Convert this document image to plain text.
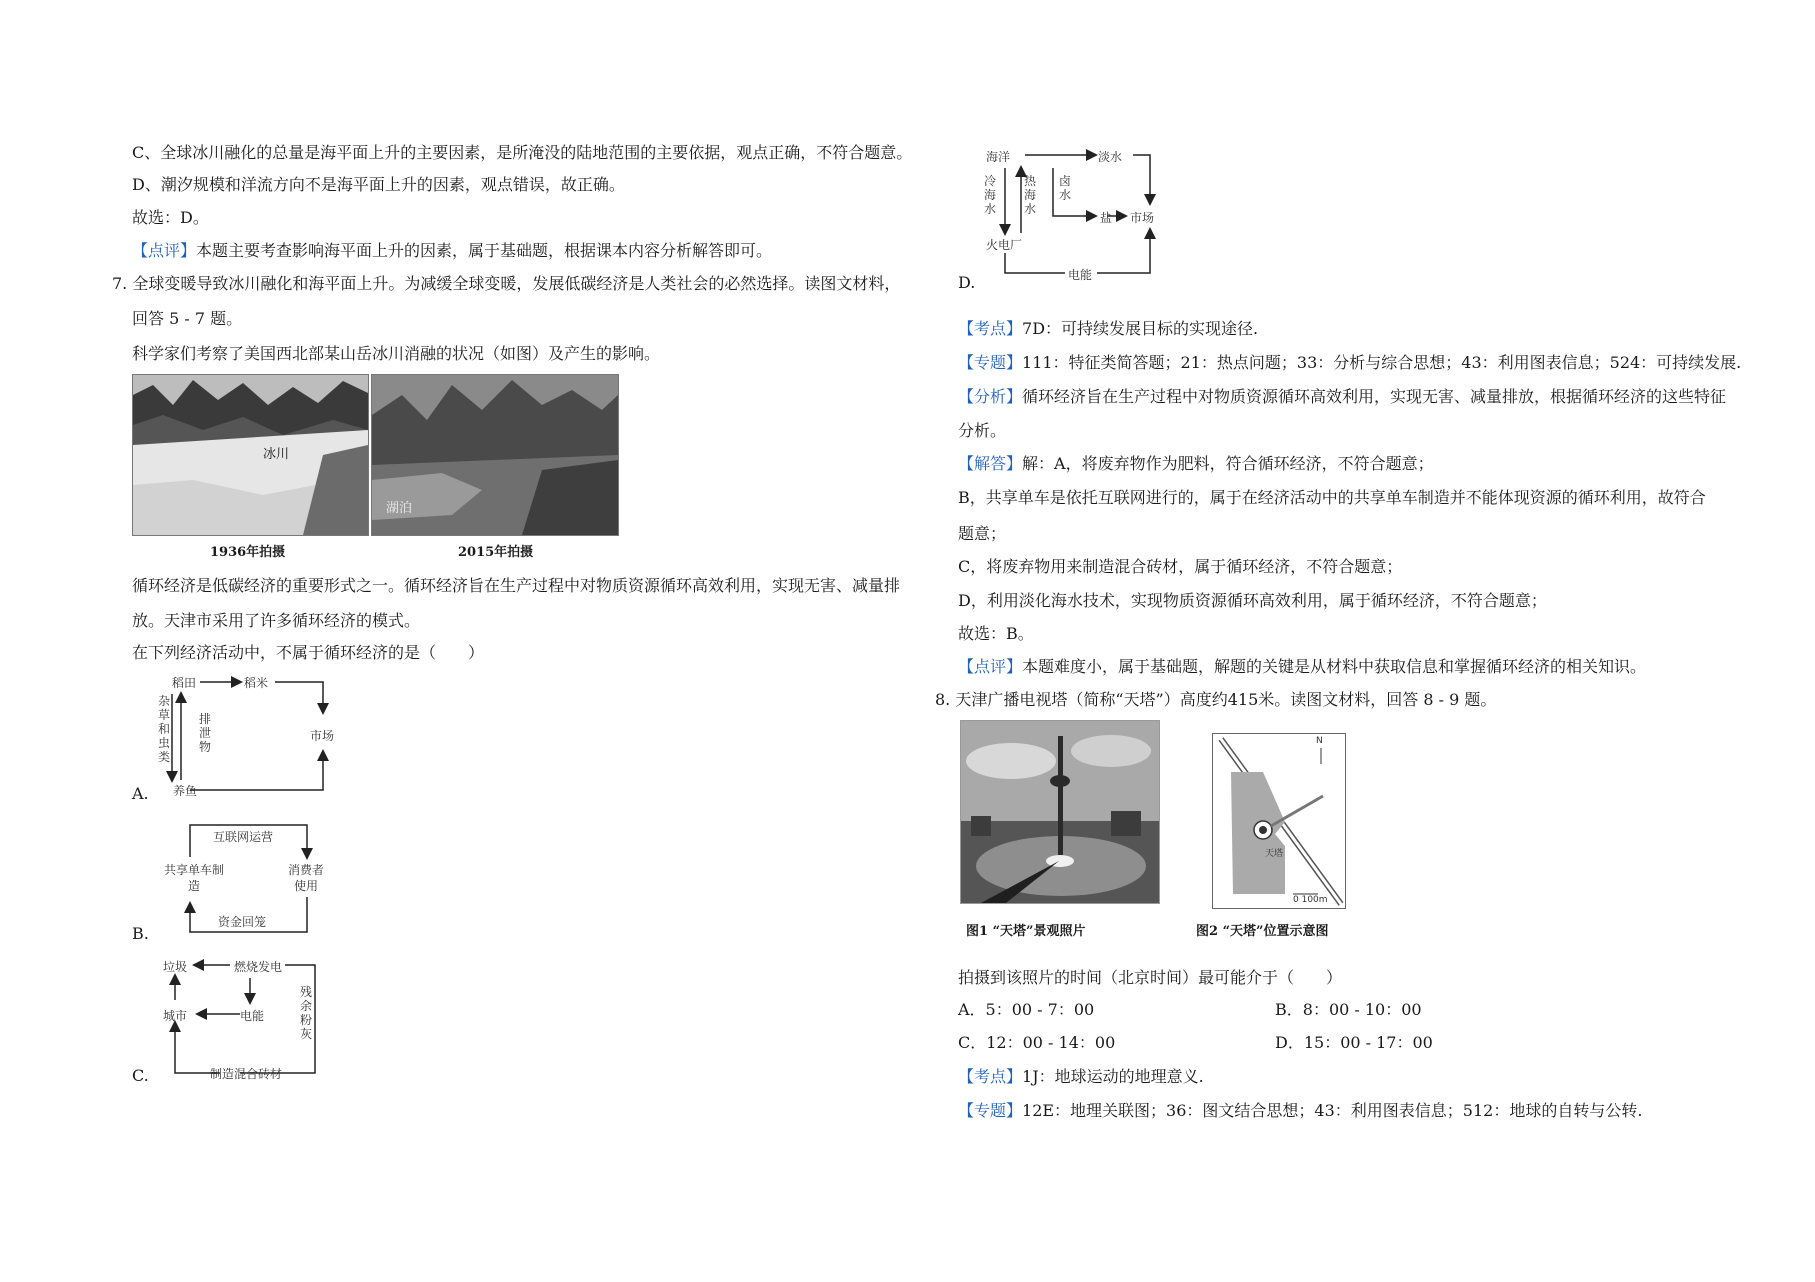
C、全球冰川融化的总量是海平面上升的主要因素，是所淹没的陆地范围的主要依据，观点正确，不符合题意。
D、潮汐规模和洋流方向不是海平面上升的因素，观点错误，故正确。
故选：D。
【点评】本题主要考查影响海平面上升的因素，属于基础题，根据课本内容分析解答即可。
7. 全球变暖导致冰川融化和海平面上升。为减缓全球变暖，发展低碳经济是人类社会的必然选择。读图文材料，
回答 5 - 7 题。
科学家们考察了美国西北部某山岳冰川消融的状况（如图）及产生的影响。
冰川
1936年拍摄
湖泊
2015年拍摄
循环经济是低碳经济的重要形式之一。循环经济旨在生产过程中对物质资源循环高效利用，实现无害、减量排
放。天津市采用了许多循环经济的模式。
在下列经济活动中，不属于循环经济的是（　　）
稻田	稻米
市场
养鱼
杂草和虫类
排泄物
A.
互联网运营
共享单车制造
消费者使用
资金回笼
B.
垃圾	燃烧发电
城市	电能
残余粉灰
制造混合砖材
C.
海洋	淡水
冷海水
热海水
卤水
盐 市场
火电厂
电能
D.
【考点】7D：可持续发展目标的实现途径.
【专题】111：特征类简答题；21：热点问题；33：分析与综合思想；43：利用图表信息；524：可持续发展.
【分析】循环经济旨在生产过程中对物质资源循环高效利用，实现无害、减量排放，根据循环经济的这些特征
分析。
【解答】解：A，将废弃物作为肥料，符合循环经济，不符合题意；
B，共享单车是依托互联网进行的，属于在经济活动中的共享单车制造并不能体现资源的循环利用，故符合
题意；
C，将废弃物用来制造混合砖材，属于循环经济，不符合题意；
D，利用淡化海水技术，实现物质资源循环高效利用，属于循环经济，不符合题意；
故选：B。
【点评】本题难度小，属于基础题，解题的关键是从材料中获取信息和掌握循环经济的相关知识。
8. 天津广播电视塔（简称“天塔”）高度约415米。读图文材料，回答 8 - 9 题。
图1 “天塔”景观照片
N
天塔
0 100m
图2 “天塔”位置示意图
拍摄到该照片的时间（北京时间）最可能介于（　　）
A．5：00 - 7：00	B．8：00 - 10：00
C．12：00 - 14：00	D．15：00 - 17：00
【考点】1J：地球运动的地理意义.
【专题】12E：地理关联图；36：图文结合思想；43：利用图表信息；512：地球的自转与公转.
